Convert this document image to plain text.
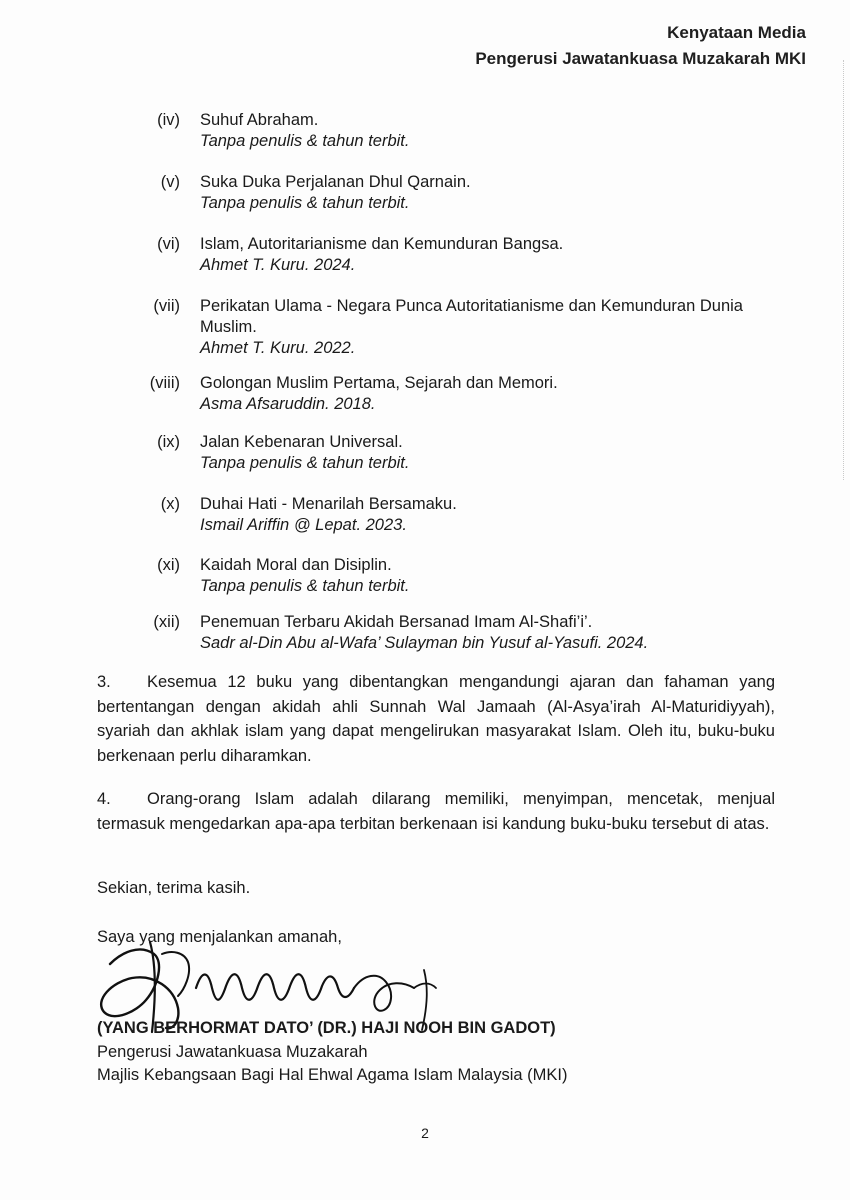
Kenyataan Media
Pengerusi Jawatankuasa Muzakarah MKI
(iv) Suhuf Abraham.
Tanpa penulis & tahun terbit.
(v) Suka Duka Perjalanan Dhul Qarnain.
Tanpa penulis & tahun terbit.
(vi) Islam, Autoritarianisme dan Kemunduran Bangsa.
Ahmet T. Kuru. 2024.
(vii) Perikatan Ulama - Negara Punca Autoritatianisme dan Kemunduran Dunia Muslim.
Ahmet T. Kuru. 2022.
(viii) Golongan Muslim Pertama, Sejarah dan Memori.
Asma Afsaruddin. 2018.
(ix) Jalan Kebenaran Universal.
Tanpa penulis & tahun terbit.
(x) Duhai Hati - Menarilah Bersamaku.
Ismail Ariffin @ Lepat. 2023.
(xi) Kaidah Moral dan Disiplin.
Tanpa penulis & tahun terbit.
(xii) Penemuan Terbaru Akidah Bersanad Imam Al-Shafi’i’.
Sadr al-Din Abu al-Wafa’ Sulayman bin Yusuf al-Yasufi. 2024.
3. Kesemua 12 buku yang dibentangkan mengandungi ajaran dan fahaman yang bertentangan dengan akidah ahli Sunnah Wal Jamaah (Al-Asya’irah Al-Maturidiyyah), syariah dan akhlak islam yang dapat mengelirukan masyarakat Islam. Oleh itu, buku-buku berkenaan perlu diharamkan.
4. Orang-orang Islam adalah dilarang memiliki, menyimpan, mencetak, menjual termasuk mengedarkan apa-apa terbitan berkenaan isi kandung buku-buku tersebut di atas.
Sekian, terima kasih.
Saya yang menjalankan amanah,
(YANG BERHORMAT DATO’ (DR.) HAJI NOOH BIN GADOT)
Pengerusi Jawatankuasa Muzakarah
Majlis Kebangsaan Bagi Hal Ehwal Agama Islam Malaysia (MKI)
2
